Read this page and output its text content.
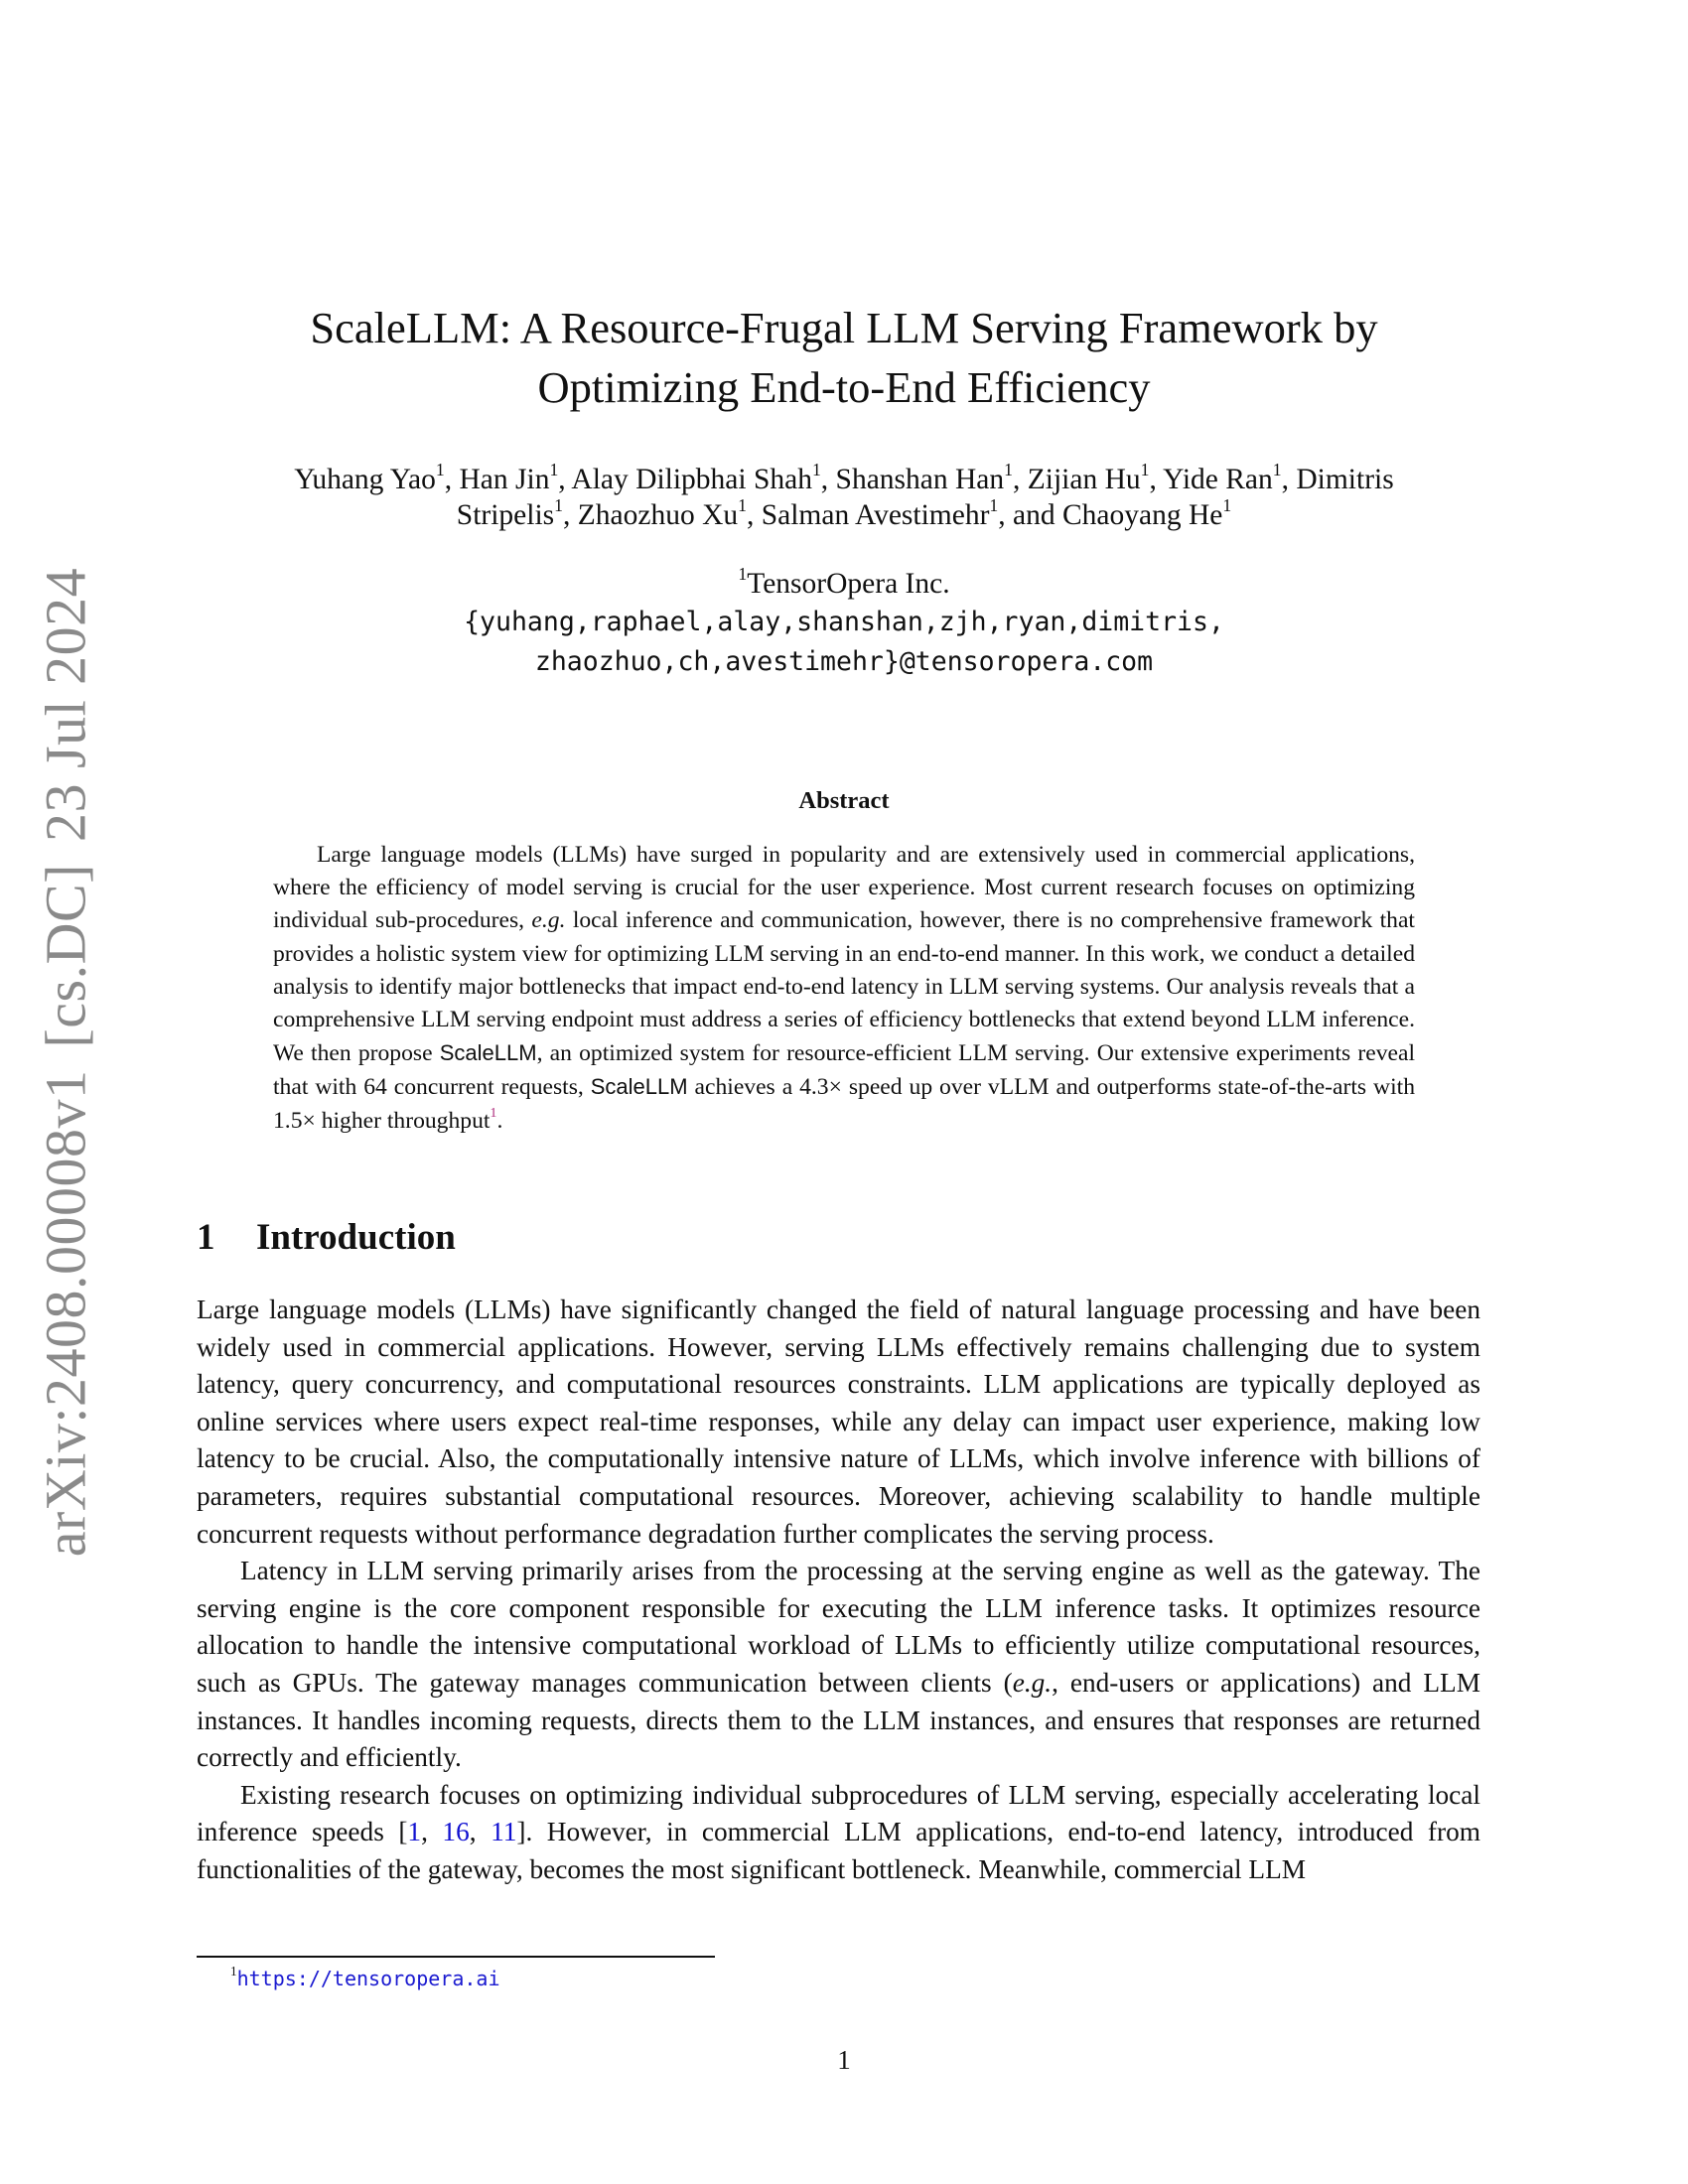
arXiv:2408.00008v1[cs.DC]23 Jul 2024
ScaleLLM: A Resource-Frugal LLM Serving Framework by
Optimizing End-to-End Efficiency
Yuhang Yao$^1$, Han Jin$^1$, Alay Dilipbhai Shah$^1$, Shanshan Han$^1$, Zijian Hu$^1$, Yide Ran$^1$, Dimitris
Stripelis$^1$, Zhaozhuo Xu$^1$, Salman Avestimehr$^1$, and Chaoyang He$^1$
$^1$TensorOpera Inc.
{yuhang,raphael,alay,shanshan,zjh,ryan,dimitris,
zhaozhuo,ch,avestimehr}@tensoropera.com
Abstract

Large language models (LLMs) have surged in popularity and are extensively used in commercial applications, where the efficiency of model serving is crucial for the user experience. Most current research focuses on optimizing individual sub-procedures, e.g. local inference and communication, however, there is no comprehensive framework that provides a holistic system view for optimizing LLM serving in an end-to-end manner. In this work, we conduct a detailed analysis to identify major bottlenecks that impact end-to-end latency in LLM serving systems. Our analysis reveals that a comprehensive LLM serving endpoint must address a series of efficiency bottlenecks that extend beyond LLM inference. We then propose ScaleLLM, an optimized system for resource-efficient LLM serving. Our extensive experiments reveal that with 64 concurrent requests, ScaleLLM achieves a 4.3× speed up over vLLM and outperforms state-of-the-arts with 1.5× higher throughput$^1$.

1 Introduction

Large language models (LLMs) have significantly changed the field of natural language processing and have been widely used in commercial applications. However, serving LLMs effectively remains challenging due to system latency, query concurrency, and computational resources constraints. LLM applications are typically deployed as online services where users expect real-time responses, while any delay can impact user experience, making low latency to be crucial. Also, the computationally intensive nature of LLMs, which involve inference with billions of parameters, requires substantial computational resources. Moreover, achieving scalability to handle multiple concurrent requests without performance degradation further complicates the serving process.

Latency in LLM serving primarily arises from the processing at the serving engine as well as the gateway. The serving engine is the core component responsible for executing the LLM inference tasks. It optimizes resource allocation to handle the intensive computational workload of LLMs to efficiently utilize computational resources, such as GPUs. The gateway manages communication between clients (e.g., end-users or applications) and LLM instances. It handles incoming requests, directs them to the LLM instances, and ensures that responses are returned correctly and efficiently.

Existing research focuses on optimizing individual subprocedures of LLM serving, especially accelerating local inference speeds [1, 16, 11]. However, in commercial LLM applications, end-to-end latency, introduced from functionalities of the gateway, becomes the most significant bottleneck. Meanwhile, commercial LLM

$^1$https://tensoropera.ai
1
